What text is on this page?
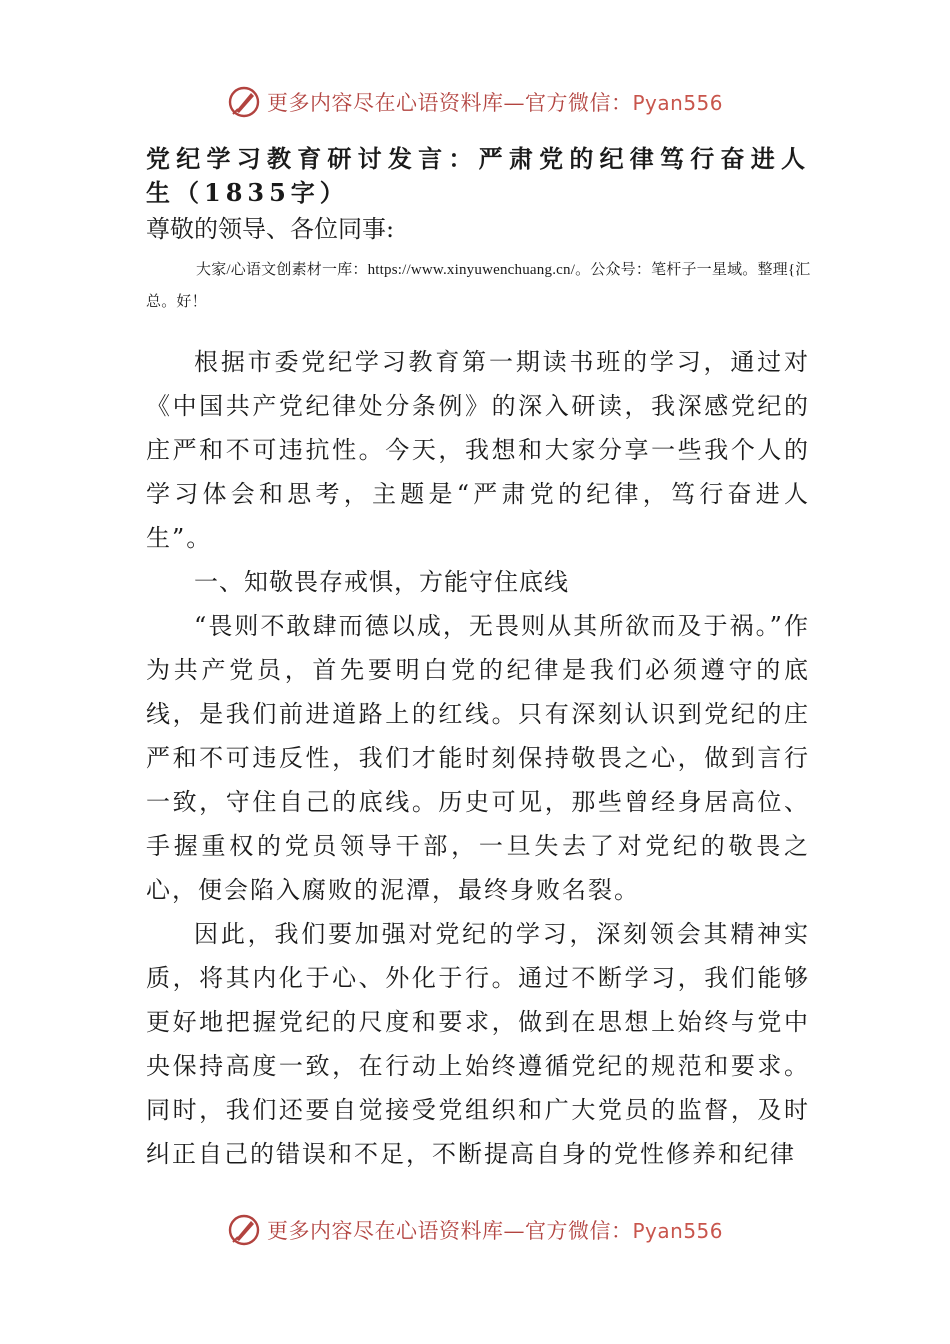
更多内容尽在心语资料库—官方微信：Pyan556
党纪学习教育研讨发言：严肃党的纪律笃行奋进人生（1835字）

尊敬的领导、各位同事:

大家/心语文创素材一库：https://www.xinyuwenchuang.cn/。公众号：笔杆子一星域。整理{汇总。好！

根据市委党纪学习教育第一期读书班的学习，通过对《中国共产党纪律处分条例》的深入研读，我深感党纪的庄严和不可违抗性。今天，我想和大家分享一些我个人的学习体会和思考，主题是“严肃党的纪律，笃行奋进人生”。

一、知敬畏存戒惧，方能守住底线

“畏则不敢肆而德以成，无畏则从其所欲而及于祸。”作为共产党员，首先要明白党的纪律是我们必须遵守的底线，是我们前进道路上的红线。只有深刻认识到党纪的庄严和不可违反性，我们才能时刻保持敬畏之心，做到言行一致，守住自己的底线。历史可见，那些曾经身居高位、手握重权的党员领导干部，一旦失去了对党纪的敬畏之心，便会陷入腐败的泥潭，最终身败名裂。

因此，我们要加强对党纪的学习，深刻领会其精神实质，将其内化于心、外化于行。通过不断学习，我们能够更好地把握党纪的尺度和要求，做到在思想上始终与党中央保持高度一致，在行动上始终遵循党纪的规范和要求。同时，我们还要自觉接受党组织和广大党员的监督，及时纠正自己的错误和不足，不断提高自身的党性修养和纪律

更多内容尽在心语资料库—官方微信：Pyan556
